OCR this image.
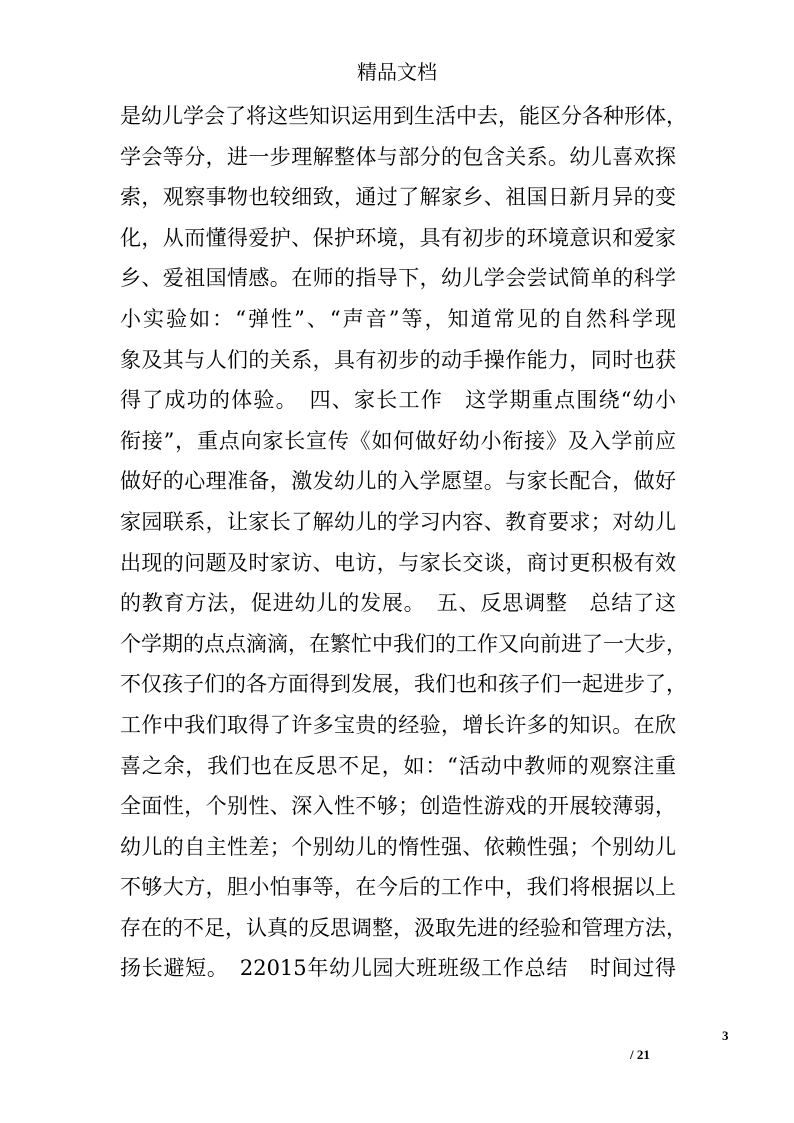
精品文档
是幼儿学会了将这些知识运用到生活中去，能区分各种形体，
学会等分，进一步理解整体与部分的包含关系。幼儿喜欢探
索，观察事物也较细致，通过了解家乡、祖国日新月异的变
化，从而懂得爱护、保护环境，具有初步的环境意识和爱家
乡、爱祖国情感。在师的指导下，幼儿学会尝试简单的科学
小实验如：“弹性”、“声音”等，知道常见的自然科学现
象及其与人们的关系，具有初步的动手操作能力，同时也获
得了成功的体验。　四、家长工作　这学期重点围绕“幼小
衔接”，重点向家长宣传《如何做好幼小衔接》及入学前应
做好的心理准备，激发幼儿的入学愿望。与家长配合，做好
家园联系，让家长了解幼儿的学习内容、教育要求；对幼儿
出现的问题及时家访、电访，与家长交谈，商讨更积极有效
的教育方法，促进幼儿的发展。　五、反思调整　总结了这
个学期的点点滴滴，在繁忙中我们的工作又向前进了一大步，
不仅孩子们的各方面得到发展，我们也和孩子们一起进步了，
工作中我们取得了许多宝贵的经验，增长许多的知识。在欣
喜之余，我们也在反思不足，如：“活动中教师的观察注重
全面性，个别性、深入性不够；创造性游戏的开展较薄弱，
幼儿的自主性差；个别幼儿的惰性强、依赖性强；个别幼儿
不够大方，胆小怕事等，在今后的工作中，我们将根据以上
存在的不足，认真的反思调整，汲取先进的经验和管理方法，
扬长避短。　22015年幼儿园大班班级工作总结　时间过得
3
/ 21
